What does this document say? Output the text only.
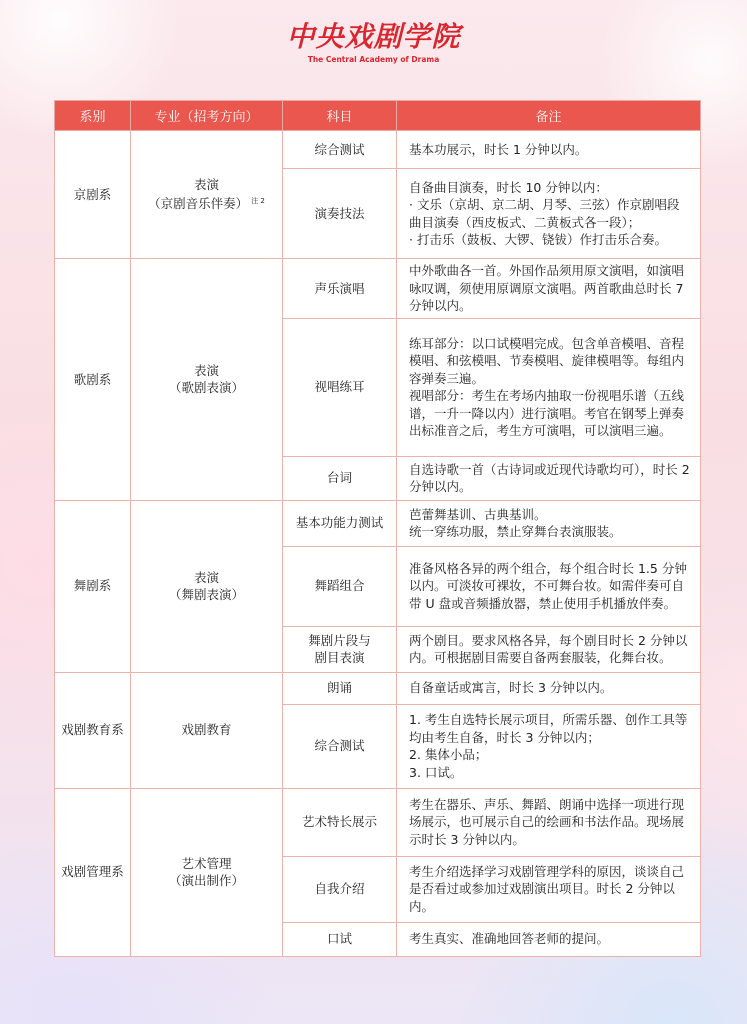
中央戏剧学院
The Central Academy of Drama
系别	专业（招考方向）	科目	备注
京剧系	表演
（京剧音乐伴奏） $^{注 2}$	综合测试	基本功展示，时长 1 分钟以内。

		演奏技法	自备曲目演奏，时长 10 分钟以内：
· 文乐（京胡、京二胡、月琴、三弦）作京剧唱段曲目演奏（西皮板式、二黄板式各一段）；
· 打击乐（鼓板、大锣、铙钹）作打击乐合奏。

歌剧系	表演
（歌剧表演）	声乐演唱	中外歌曲各一首。外国作品须用原文演唱，如演唱咏叹调，须使用原调原文演唱。两首歌曲总时长 7 分钟以内。

		视唱练耳	练耳部分：以口试模唱完成。包含单音模唱、音程模唱、和弦模唱、节奏模唱、旋律模唱等。每组内容弹奏三遍。
视唱部分：考生在考场内抽取一份视唱乐谱（五线谱，一升一降以内）进行演唱。考官在钢琴上弹奏出标准音之后，考生方可演唱，可以演唱三遍。

		台词	自选诗歌一首（古诗词或近现代诗歌均可），时长 2 分钟以内。

舞剧系	表演
（舞剧表演）	基本功能力测试	芭蕾舞基训、古典基训。
统一穿练功服，禁止穿舞台表演服装。

		舞蹈组合	准备风格各异的两个组合，每个组合时长 1.5 分钟以内。可淡妆可裸妆，不可舞台妆。如需伴奏可自带 U 盘或音频播放器，禁止使用手机播放伴奏。

		舞剧片段与
剧目表演	两个剧目。要求风格各异，每个剧目时长 2 分钟以内。可根据剧目需要自备两套服装，化舞台妆。

戏剧教育系	戏剧教育	朗诵	自备童话或寓言，时长 3 分钟以内。

		综合测试	1. 考生自选特长展示项目，所需乐器、创作工具等均由考生自备，时长 3 分钟以内；
2. 集体小品；
3. 口试。

戏剧管理系	艺术管理
（演出制作）	艺术特长展示	考生在器乐、声乐、舞蹈、朗诵中选择一项进行现场展示，也可展示自己的绘画和书法作品。现场展示时长 3 分钟以内。

		自我介绍	考生介绍选择学习戏剧管理学科的原因，谈谈自己是否看过或参加过戏剧演出项目。时长 2 分钟以内。

		口试	考生真实、准确地回答老师的提问。
